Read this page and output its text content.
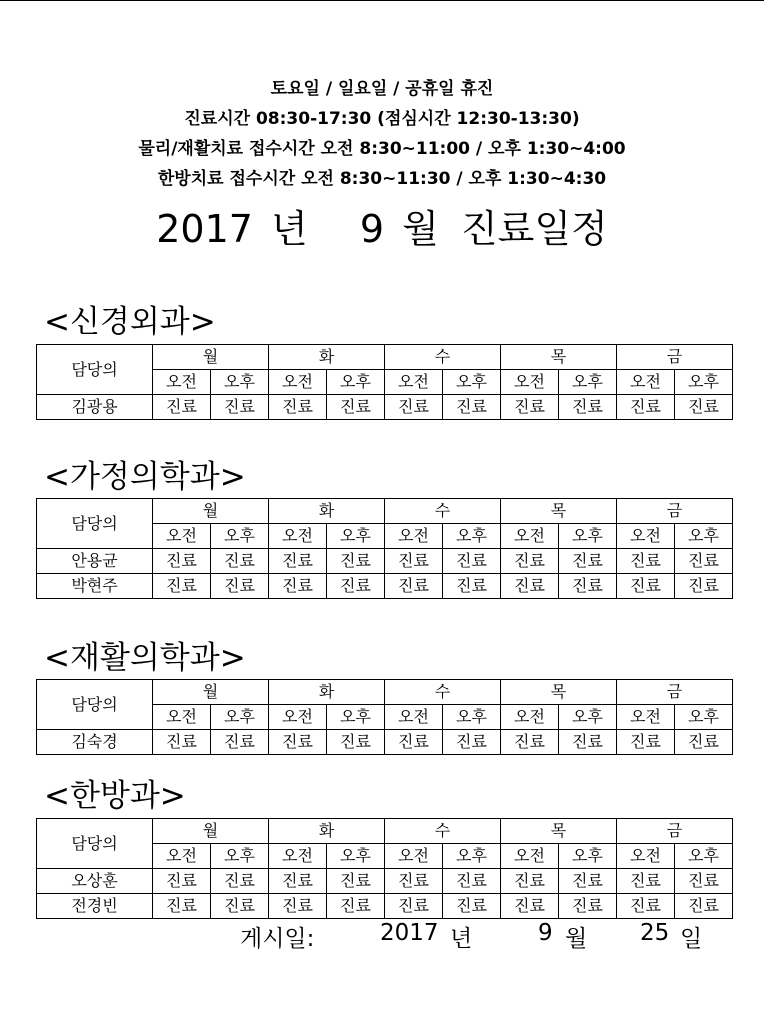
토요일 / 일요일 / 공휴일 휴진
진료시간 08:30-17:30 (점심시간 12:30-13:30)
물리/재활치료 접수시간 오전 8:30~11:00 / 오후 1:30~4:00
한방치료 접수시간 오전 8:30~11:30 / 오후 1:30~4:30
2017 년 9 월 진료일정
<신경외과>
담당의	월		화		수		목		금	
	오전	오후	오전	오후	오전	오후	오전	오후	오전	오후
김광용	진료	진료	진료	진료	진료	진료	진료	진료	진료	진료
<가정의학과>
담당의	월		화		수		목		금	
	오전	오후	오전	오후	오전	오후	오전	오후	오전	오후
안용균	진료	진료	진료	진료	진료	진료	진료	진료	진료	진료
박현주	진료	진료	진료	진료	진료	진료	진료	진료	진료	진료
<재활의학과>
담당의	월		화		수		목		금	
	오전	오후	오전	오후	오전	오후	오전	오후	오전	오후
김숙경	진료	진료	진료	진료	진료	진료	진료	진료	진료	진료
<한방과>
담당의	월		화		수		목		금	
	오전	오후	오전	오후	오전	오후	오전	오후	오전	오후
오상훈	진료	진료	진료	진료	진료	진료	진료	진료	진료	진료
전경빈	진료	진료	진료	진료	진료	진료	진료	진료	진료	진료
게시일:	2017 년	9 월 25 일
